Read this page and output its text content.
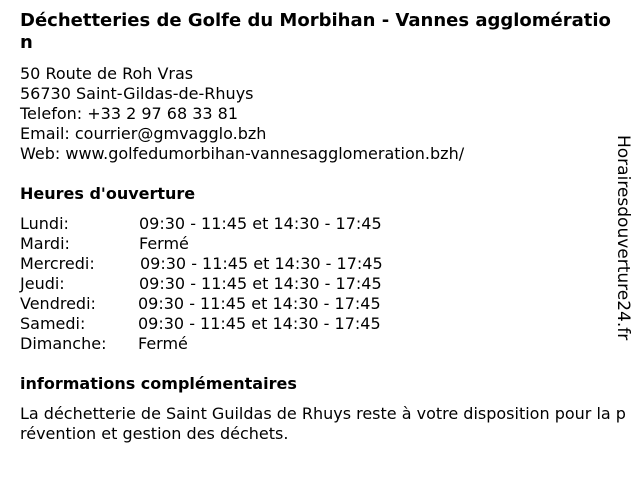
Déchetteries de Golfe du Morbihan - Vannes agglomération
50 Route de Roh Vras
56730 Saint-Gildas-de-Rhuys
Telefon: +33 2 97 68 33 81
Email: courrier@gmvagglo.bzh
Web: www.golfedumorbihan-vannesagglomeration.bzh/
Heures d'ouverture
Lundi:	09:30 - 11:45 et 14:30 - 17:45
Mardi:	Fermé
Mercredi:	09:30 - 11:45 et 14:30 - 17:45
Jeudi:	09:30 - 11:45 et 14:30 - 17:45
Vendredi:	09:30 - 11:45 et 14:30 - 17:45
Samedi:	09:30 - 11:45 et 14:30 - 17:45
Dimanche: Fermé
informations complémentaires

La déchetterie de Saint Guildas de Rhuys reste à votre disposition pour la prévention et gestion des déchets.

Horairesdouverture24.fr
